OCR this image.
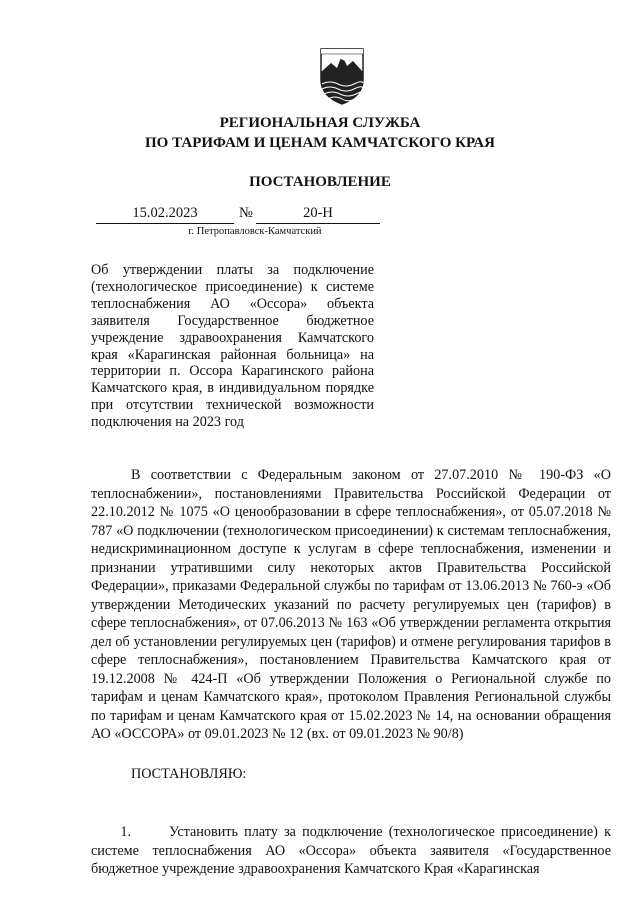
РЕГИОНАЛЬНАЯ СЛУЖБА
ПО ТАРИФАМ И ЦЕНАМ КАМЧАТСКОГО КРАЯ
ПОСТАНОВЛЕНИЕ
15.02.2023	№	20-Н
г. Петропавловск-Камчатский
Об утверждении платы за подключение (технологическое присоединение) к системе теплоснабжения АО «Оссора» объекта заявителя Государственное бюджетное учреждение здравоохранения Камчатского края «Карагинская районная больница» на территории п. Оссора Карагинского района Камчатского края, в индивидуальном порядке при отсутствии технической возможности подключения на 2023 год
В соответствии с Федеральным законом от 27.07.2010 № 190-ФЗ «О теплоснабжении», постановлениями Правительства Российской Федерации от 22.10.2012 № 1075 «О ценообразовании в сфере теплоснабжения», от 05.07.2018 № 787 «О подключении (технологическом присоединении) к системам теплоснабжения, недискриминационном доступе к услугам в сфере теплоснабжения, изменении и признании утратившими силу некоторых актов Правительства Российской Федерации», приказами Федеральной службы по тарифам от 13.06.2013 № 760-э «Об утверждении Методических указаний по расчету регулируемых цен (тарифов) в сфере теплоснабжения», от 07.06.2013 № 163 «Об утверждении регламента открытия дел об установлении регулируемых цен (тарифов) и отмене регулирования тарифов в сфере теплоснабжения», постановлением Правительства Камчатского края от 19.12.2008 № 424-П «Об утверждении Положения о Региональной службе по тарифам и ценам Камчатского края», протоколом Правления Региональной службы по тарифам и ценам Камчатского края от 15.02.2023 № 14, на основании обращения АО «ОССОРА» от 09.01.2023 № 12 (вх. от 09.01.2023 № 90/8)
ПОСТАНОВЛЯЮ:
1.	Установить плату за подключение (технологическое присоединение) к системе теплоснабжения АО «Оссора» объекта заявителя «Государственное бюджетное учреждение здравоохранения Камчатского Края «Карагинская
